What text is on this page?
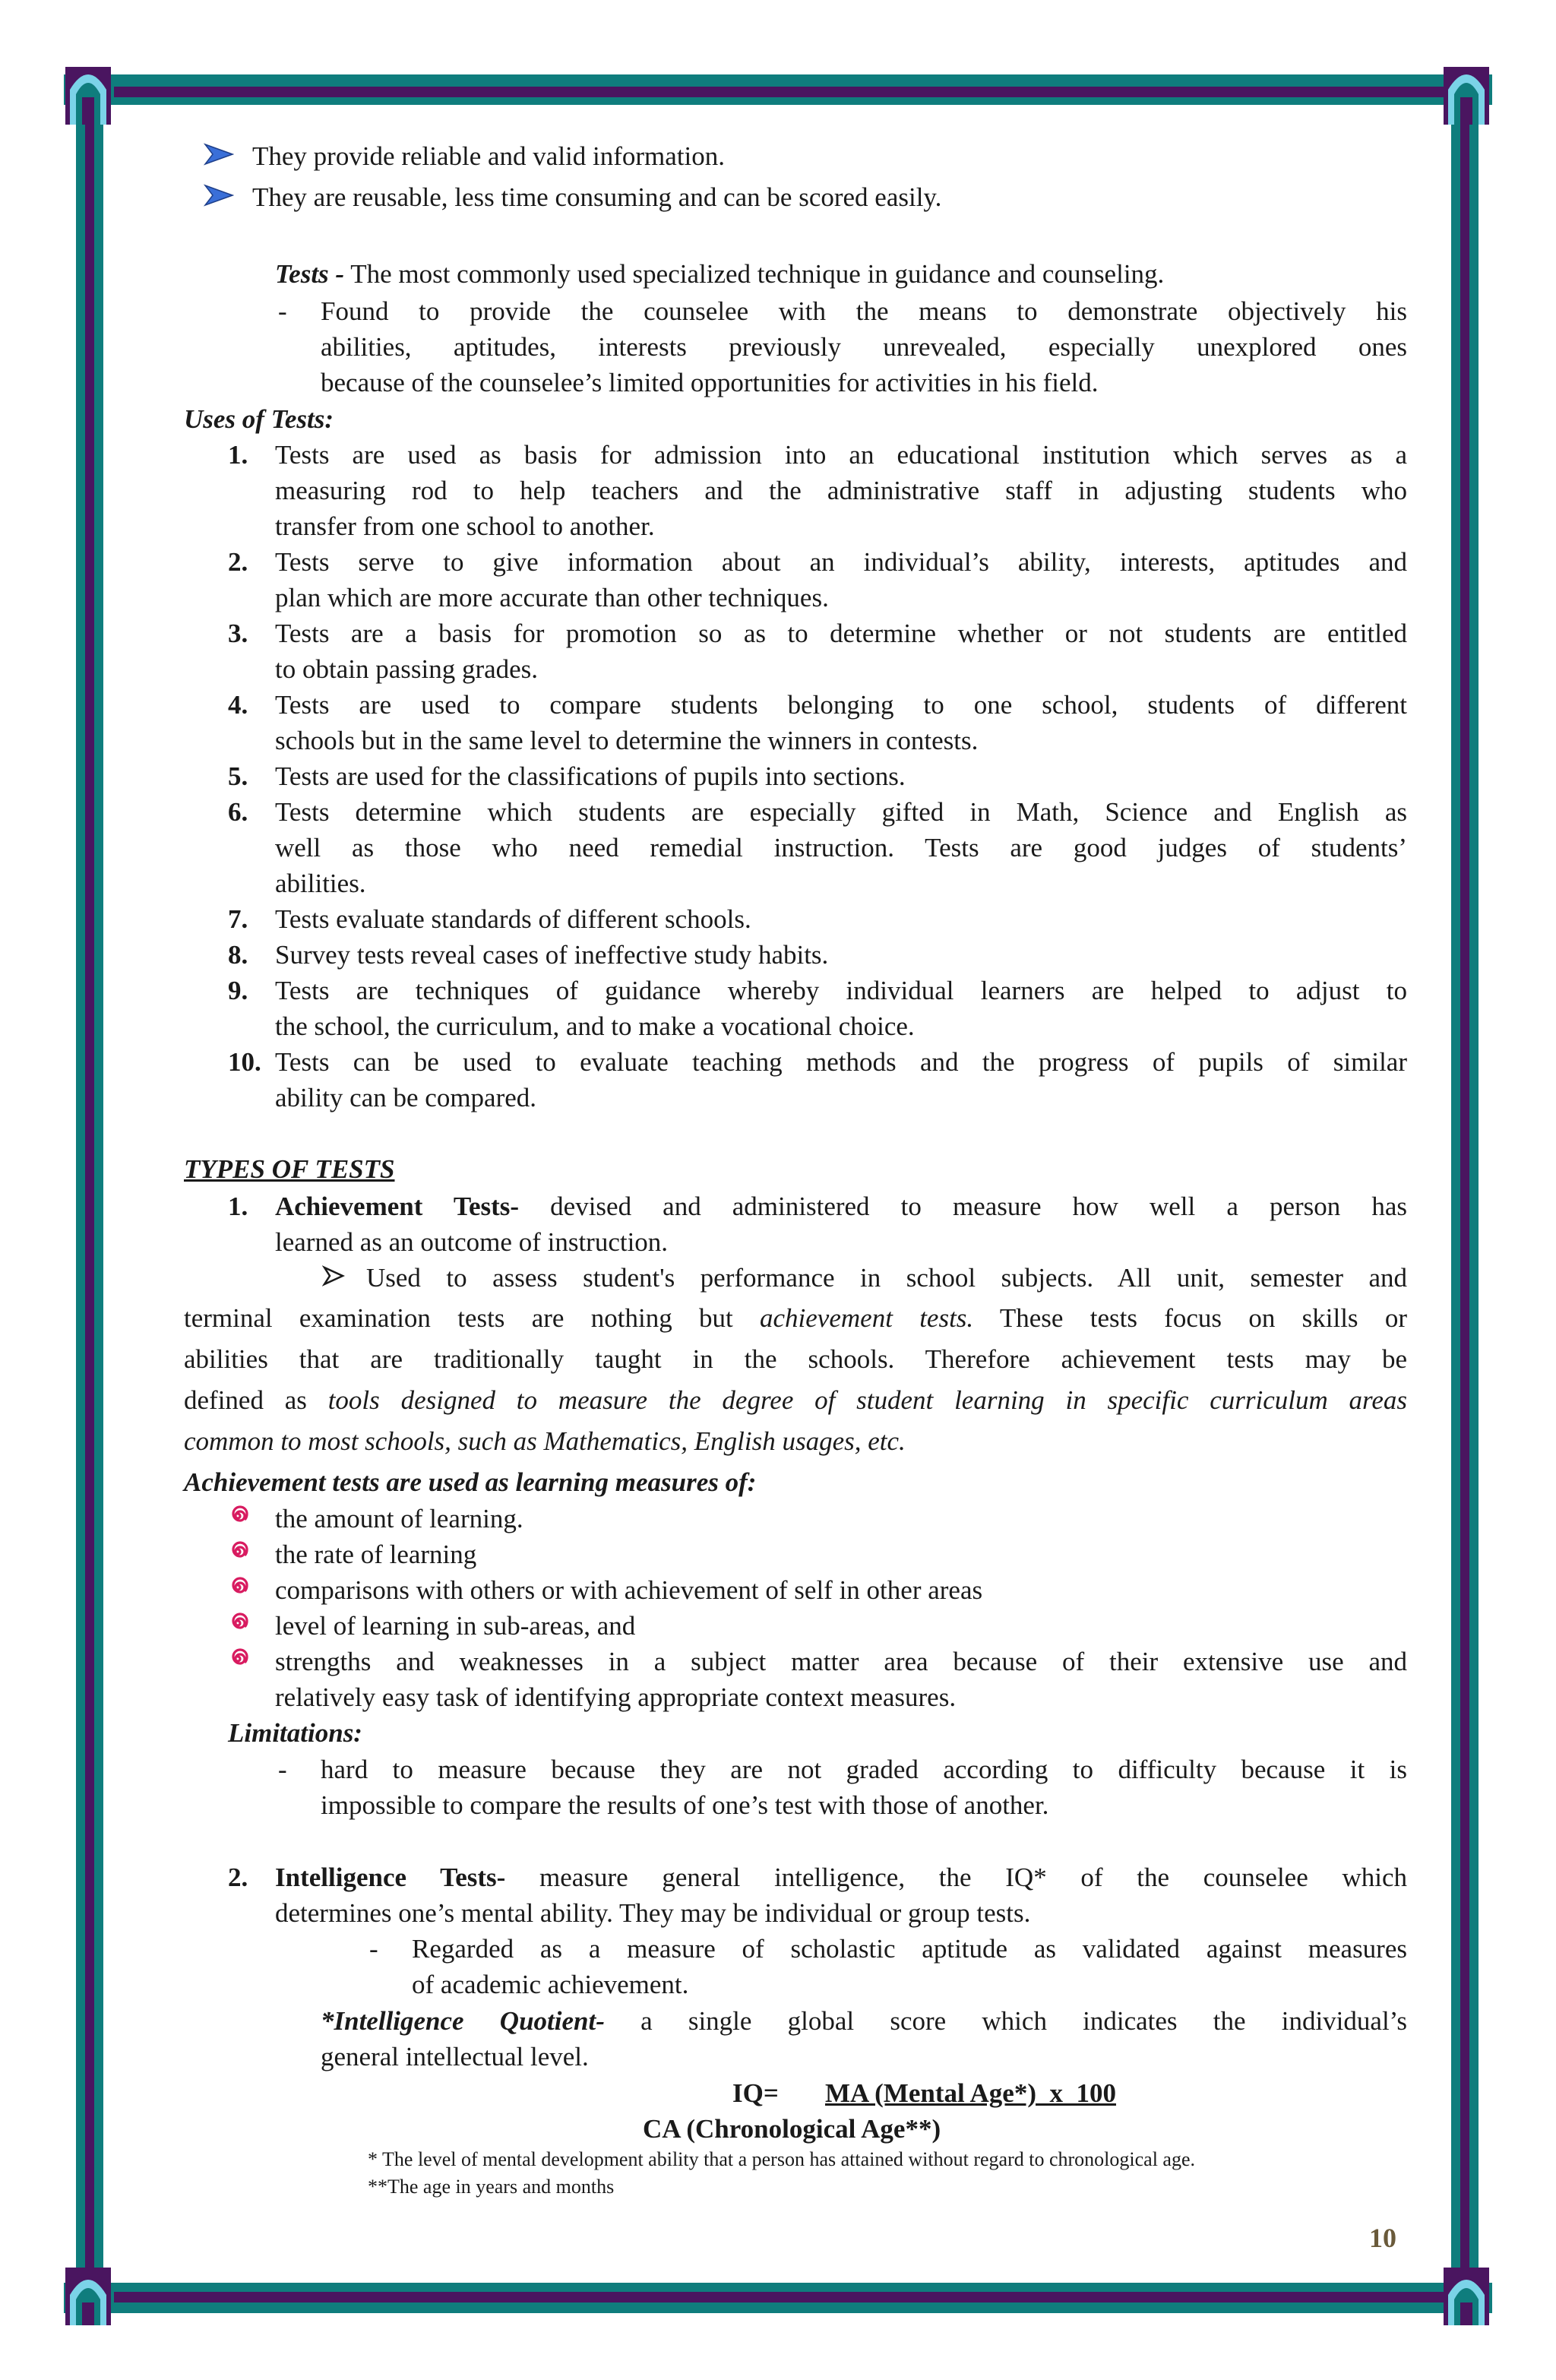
They provide reliable and valid information.
They are reusable, less time consuming and can be scored easily.
Tests - The most commonly used specialized technique in guidance and counseling.
- Found to provide the counselee with the means to demonstrate objectively his
abilities, aptitudes, interests previously unrevealed, especially unexplored ones
because of the counselee’s limited opportunities for activities in his field.
Uses of Tests:
1. Tests are used as basis for admission into an educational institution which serves as a
measuring rod to help teachers and the administrative staff in adjusting students who
transfer from one school to another.
2. Tests serve to give information about an individual’s ability, interests, aptitudes and
plan which are more accurate than other techniques.
3. Tests are a basis for promotion so as to determine whether or not students are entitled
to obtain passing grades.
4. Tests are used to compare students belonging to one school, students of different
schools but in the same level to determine the winners in contests.
5. Tests are used for the classifications of pupils into sections.
6. Tests determine which students are especially gifted in Math, Science and English as
well as those who need remedial instruction. Tests are good judges of students’
abilities.
7. Tests evaluate standards of different schools.
8. Survey tests reveal cases of ineffective study habits.
9. Tests are techniques of guidance whereby individual learners are helped to adjust to
the school, the curriculum, and to make a vocational choice.
10. Tests can be used to evaluate teaching methods and the progress of pupils of similar
ability can be compared.
TYPES OF TESTS
1. Achievement Tests- devised and administered to measure how well a person has
learned as an outcome of instruction.
Used to assess student's performance in school subjects. All unit, semester and
terminal examination tests are nothing but achievement tests. These tests focus on skills or
abilities that are traditionally taught in the schools. Therefore achievement tests may be
defined as tools designed to measure the degree of student learning in specific curriculum areas
common to most schools, such as Mathematics, English usages, etc.
Achievement tests are used as learning measures of:
the amount of learning.
the rate of learning
comparisons with others or with achievement of self in other areas
level of learning in sub-areas, and
strengths and weaknesses in a subject matter area because of their extensive use and
relatively easy task of identifying appropriate context measures.
Limitations:
- hard to measure because they are not graded according to difficulty because it is
impossible to compare the results of one’s test with those of another.
2. Intelligence Tests- measure general intelligence, the IQ* of the counselee which
determines one’s mental ability. They may be individual or group tests.
- Regarded as a measure of scholastic aptitude as validated against measures
of academic achievement.
*Intelligence Quotient- a single global score which indicates the individual’s
general intellectual level.
IQ= MA (Mental Age*)  x  100
CA (Chronological Age**)
* The level of mental development ability that a person has attained without regard to chronological age.
**The age in years and months
10
